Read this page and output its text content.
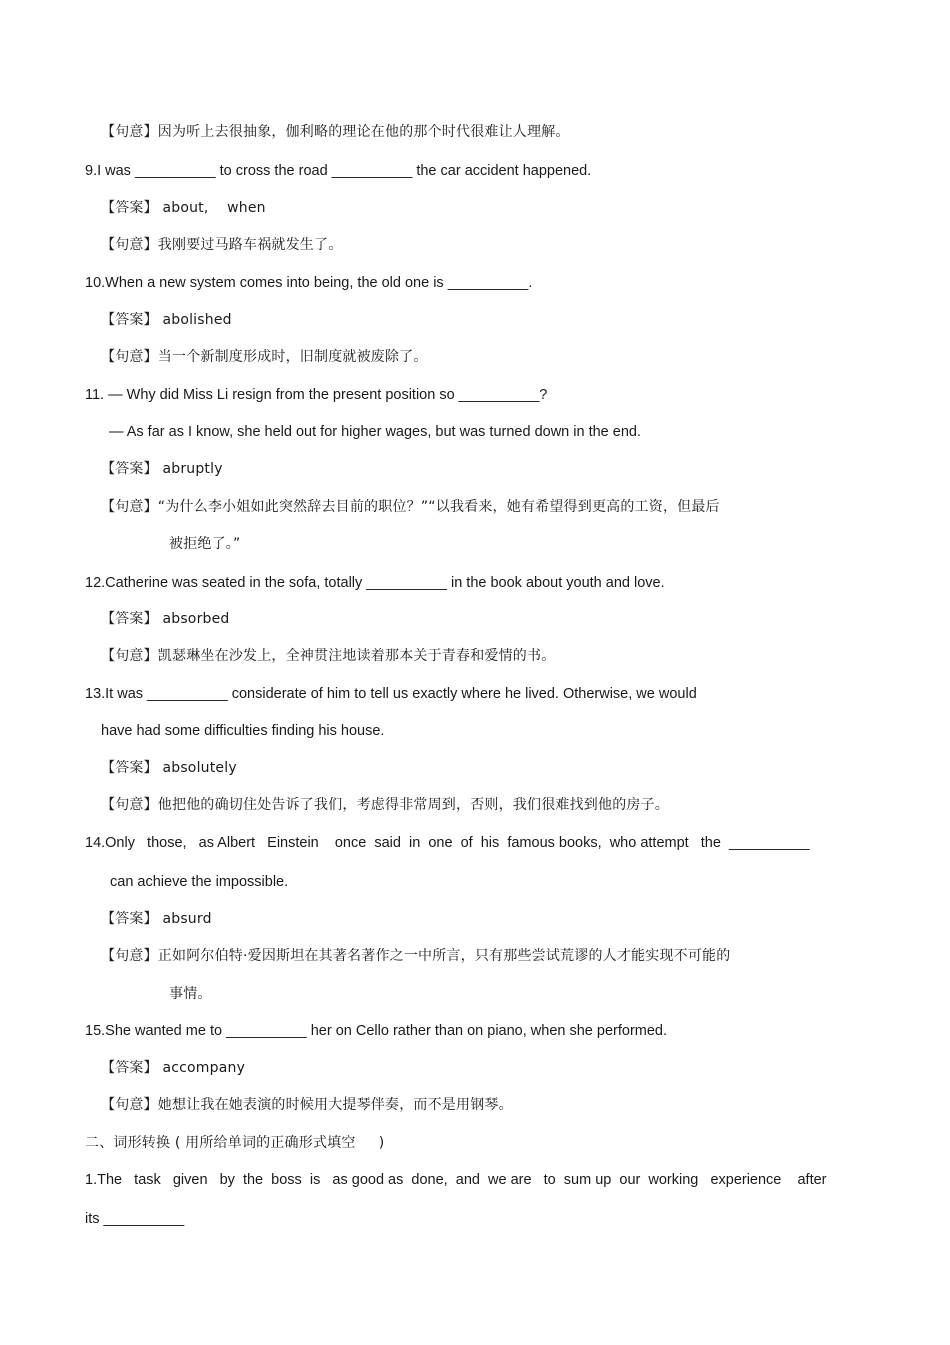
【句意】因为听上去很抽象，伽利略的理论在他的那个时代很难让人理解。
9.I was __________ to cross the road __________ the car accident happened.
【答案】 about,    when
【句意】我刚要过马路车祸就发生了。
10.When a new system comes into being, the old one is __________.
【答案】 abolished
【句意】当一个新制度形成时，旧制度就被废除了。
11. — Why did Miss Li resign from the present position so __________?
— As far as I know, she held out for higher wages, but was turned down in the end.
【答案】 abruptly
【句意】“为什么李小姐如此突然辞去目前的职位？”“以我看来，她有希望得到更高的工资，但最后
被拒绝了。”
12.Catherine was seated in the sofa, totally __________ in the book about youth and love.
【答案】 absorbed
【句意】凯瑟琳坐在沙发上，全神贯注地读着那本关于青春和爱情的书。
13.It was __________ considerate of him to tell us exactly where he lived. Otherwise, we would
have had some difficulties finding his house.
【答案】 absolutely
【句意】他把他的确切住处告诉了我们，考虑得非常周到，否则，我们很难找到他的房子。
14.Only   those,   as Albert   Einstein    once  said  in  one  of  his  famous books,  who attempt   the  __________
can achieve the impossible.
【答案】 absurd
【句意】正如阿尔伯特·爱因斯坦在其著名著作之一中所言，只有那些尝试荒谬的人才能实现不可能的
事情。
15.She wanted me to __________ her on Cello rather than on piano, when she performed.
【答案】 accompany
【句意】她想让我在她表演的时候用大提琴伴奏，而不是用钢琴。
二、词形转换 ( 用所给单词的正确形式填空     )
1.The   task   given   by  the  boss  is   as good as  done,  and  we are   to  sum up  our  working   experience    after
its __________
